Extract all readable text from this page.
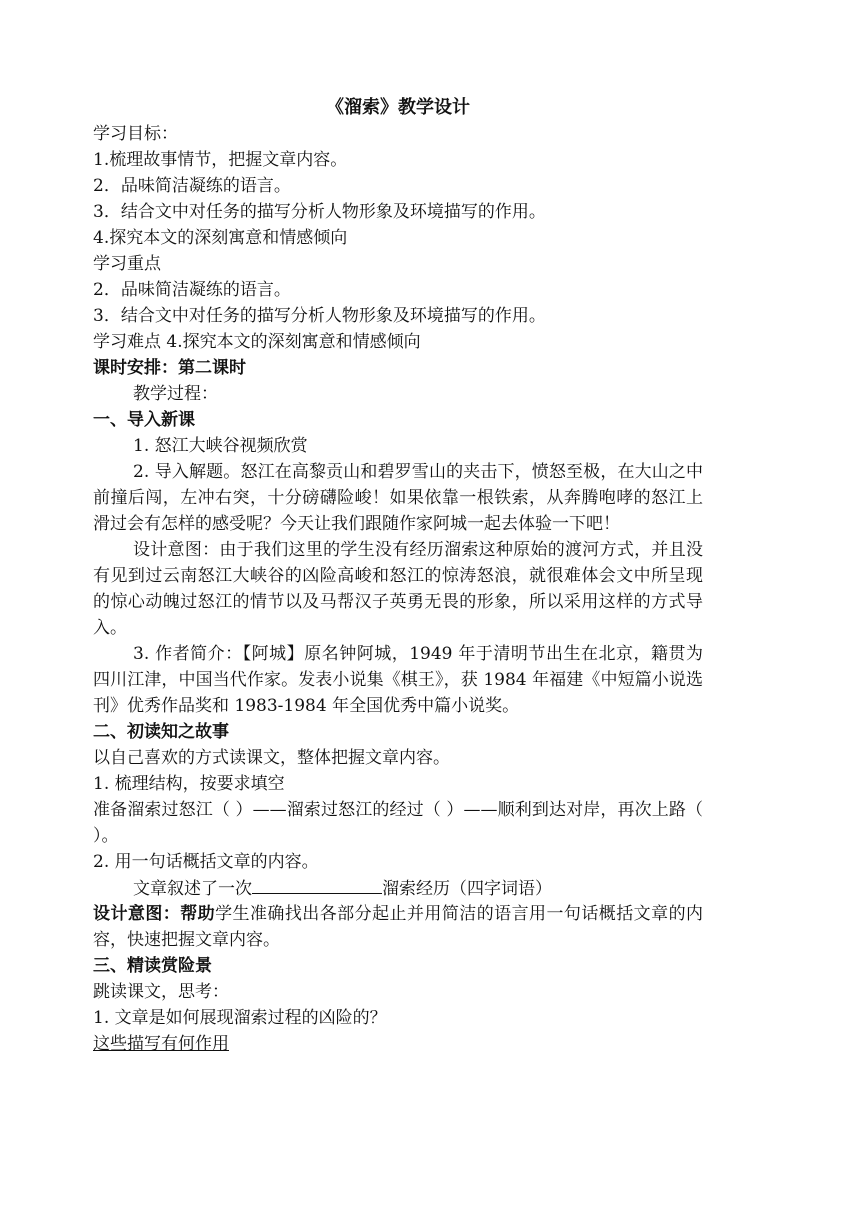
《溜索》教学设计
学习目标：
1.梳理故事情节，把握文章内容。
2．品味简洁凝练的语言。
3．结合文中对任务的描写分析人物形象及环境描写的作用。
4.探究本文的深刻寓意和情感倾向
学习重点
2．品味简洁凝练的语言。
3．结合文中对任务的描写分析人物形象及环境描写的作用。
学习难点 4.探究本文的深刻寓意和情感倾向
课时安排：第二课时
教学过程：
一、导入新课
1. 怒江大峡谷视频欣赏
2. 导入解题。怒江在高黎贡山和碧罗雪山的夹击下，愤怒至极，在大山之中前撞后闯，左冲右突，十分磅礴险峻！如果依靠一根铁索，从奔腾咆哮的怒江上滑过会有怎样的感受呢？今天让我们跟随作家阿城一起去体验一下吧！
设计意图：由于我们这里的学生没有经历溜索这种原始的渡河方式，并且没有见到过云南怒江大峡谷的凶险高峻和怒江的惊涛怒浪，就很难体会文中所呈现的惊心动魄过怒江的情节以及马帮汉子英勇无畏的形象，所以采用这样的方式导入。
3. 作者简介：【阿城】原名钟阿城，1949 年于清明节出生在北京，籍贯为四川江津，中国当代作家。发表小说集《棋王》，获 1984 年福建《中短篇小说选刊》优秀作品奖和 1983-1984 年全国优秀中篇小说奖。
二、初读知之故事
以自己喜欢的方式读课文，整体把握文章内容。
1. 梳理结构，按要求填空
准备溜索过怒江（ ）——溜索过怒江的经过（ ）——顺利到达对岸，再次上路（ ）。
2. 用一句话概括文章的内容。
文章叙述了一次	溜索经历（四字词语）
设计意图：帮助学生准确找出各部分起止并用简洁的语言用一句话概括文章的内容，快速把握文章内容。
三、精读赏险景
跳读课文，思考：
1. 文章是如何展现溜索过程的凶险的？
这些描写有何作用
